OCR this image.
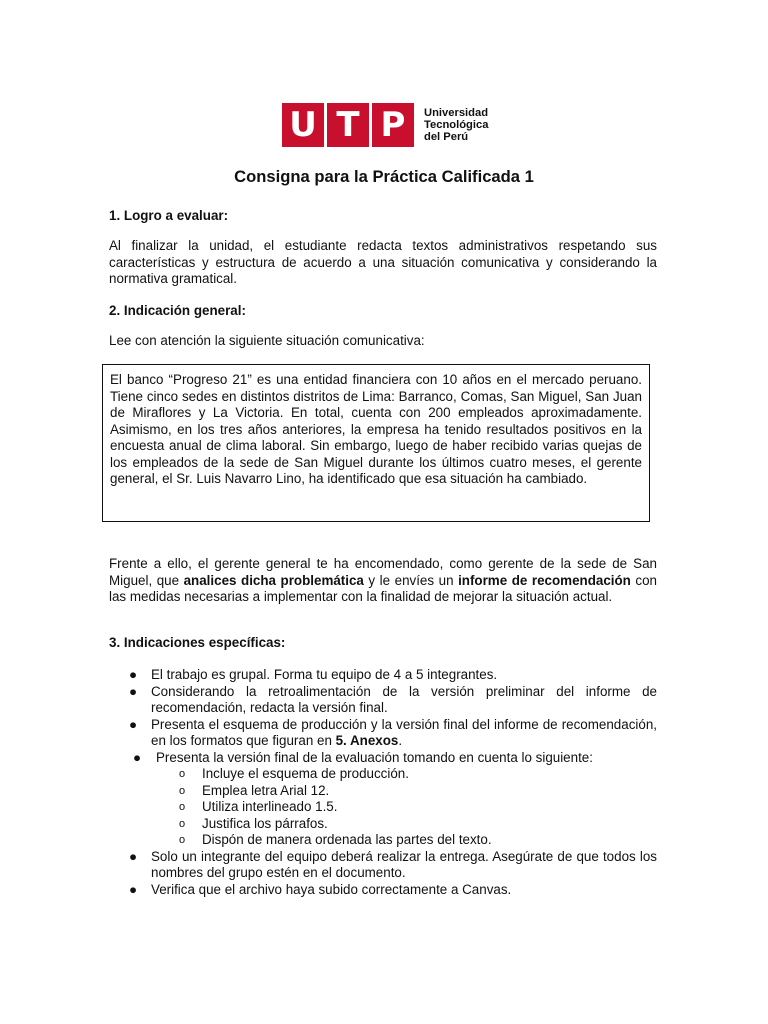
U T P	Universidad
Tecnológica
del Perú
Consigna para la Práctica Calificada 1
1. Logro a evaluar:
Al finalizar la unidad, el estudiante redacta textos administrativos respetando sus características y estructura de acuerdo a una situación comunicativa y considerando la normativa gramatical.
2. Indicación general:
Lee con atención la siguiente situación comunicativa:
El banco “Progreso 21” es una entidad financiera con 10 años en el mercado peruano. Tiene cinco sedes en distintos distritos de Lima: Barranco, Comas, San Miguel, San Juan de Miraflores y La Victoria. En total, cuenta con 200 empleados aproximadamente. Asimismo, en los tres años anteriores, la empresa ha tenido resultados positivos en la encuesta anual de clima laboral. Sin embargo, luego de haber recibido varias quejas de los empleados de la sede de San Miguel durante los últimos cuatro meses, el gerente general, el Sr. Luis Navarro Lino, ha identificado que esa situación ha cambiado.
Frente a ello, el gerente general te ha encomendado, como gerente de la sede de San Miguel, que analices dicha problemática y le envíes un informe de recomendación con las medidas necesarias a implementar con la finalidad de mejorar la situación actual.
3. Indicaciones específicas:
● El trabajo es grupal. Forma tu equipo de 4 a 5 integrantes.
● Considerando la retroalimentación de la versión preliminar del informe de recomendación, redacta la versión final.
● Presenta el esquema de producción y la versión final del informe de recomendación, en los formatos que figuran en 5. Anexos.
● Presenta la versión final de la evaluación tomando en cuenta lo siguiente:
o Incluye el esquema de producción.
o Emplea letra Arial 12.
o Utiliza interlineado 1.5.
o Justifica los párrafos.
o Dispón de manera ordenada las partes del texto.
● Solo un integrante del equipo deberá realizar la entrega. Asegúrate de que todos los nombres del grupo estén en el documento.
● Verifica que el archivo haya subido correctamente a Canvas.
